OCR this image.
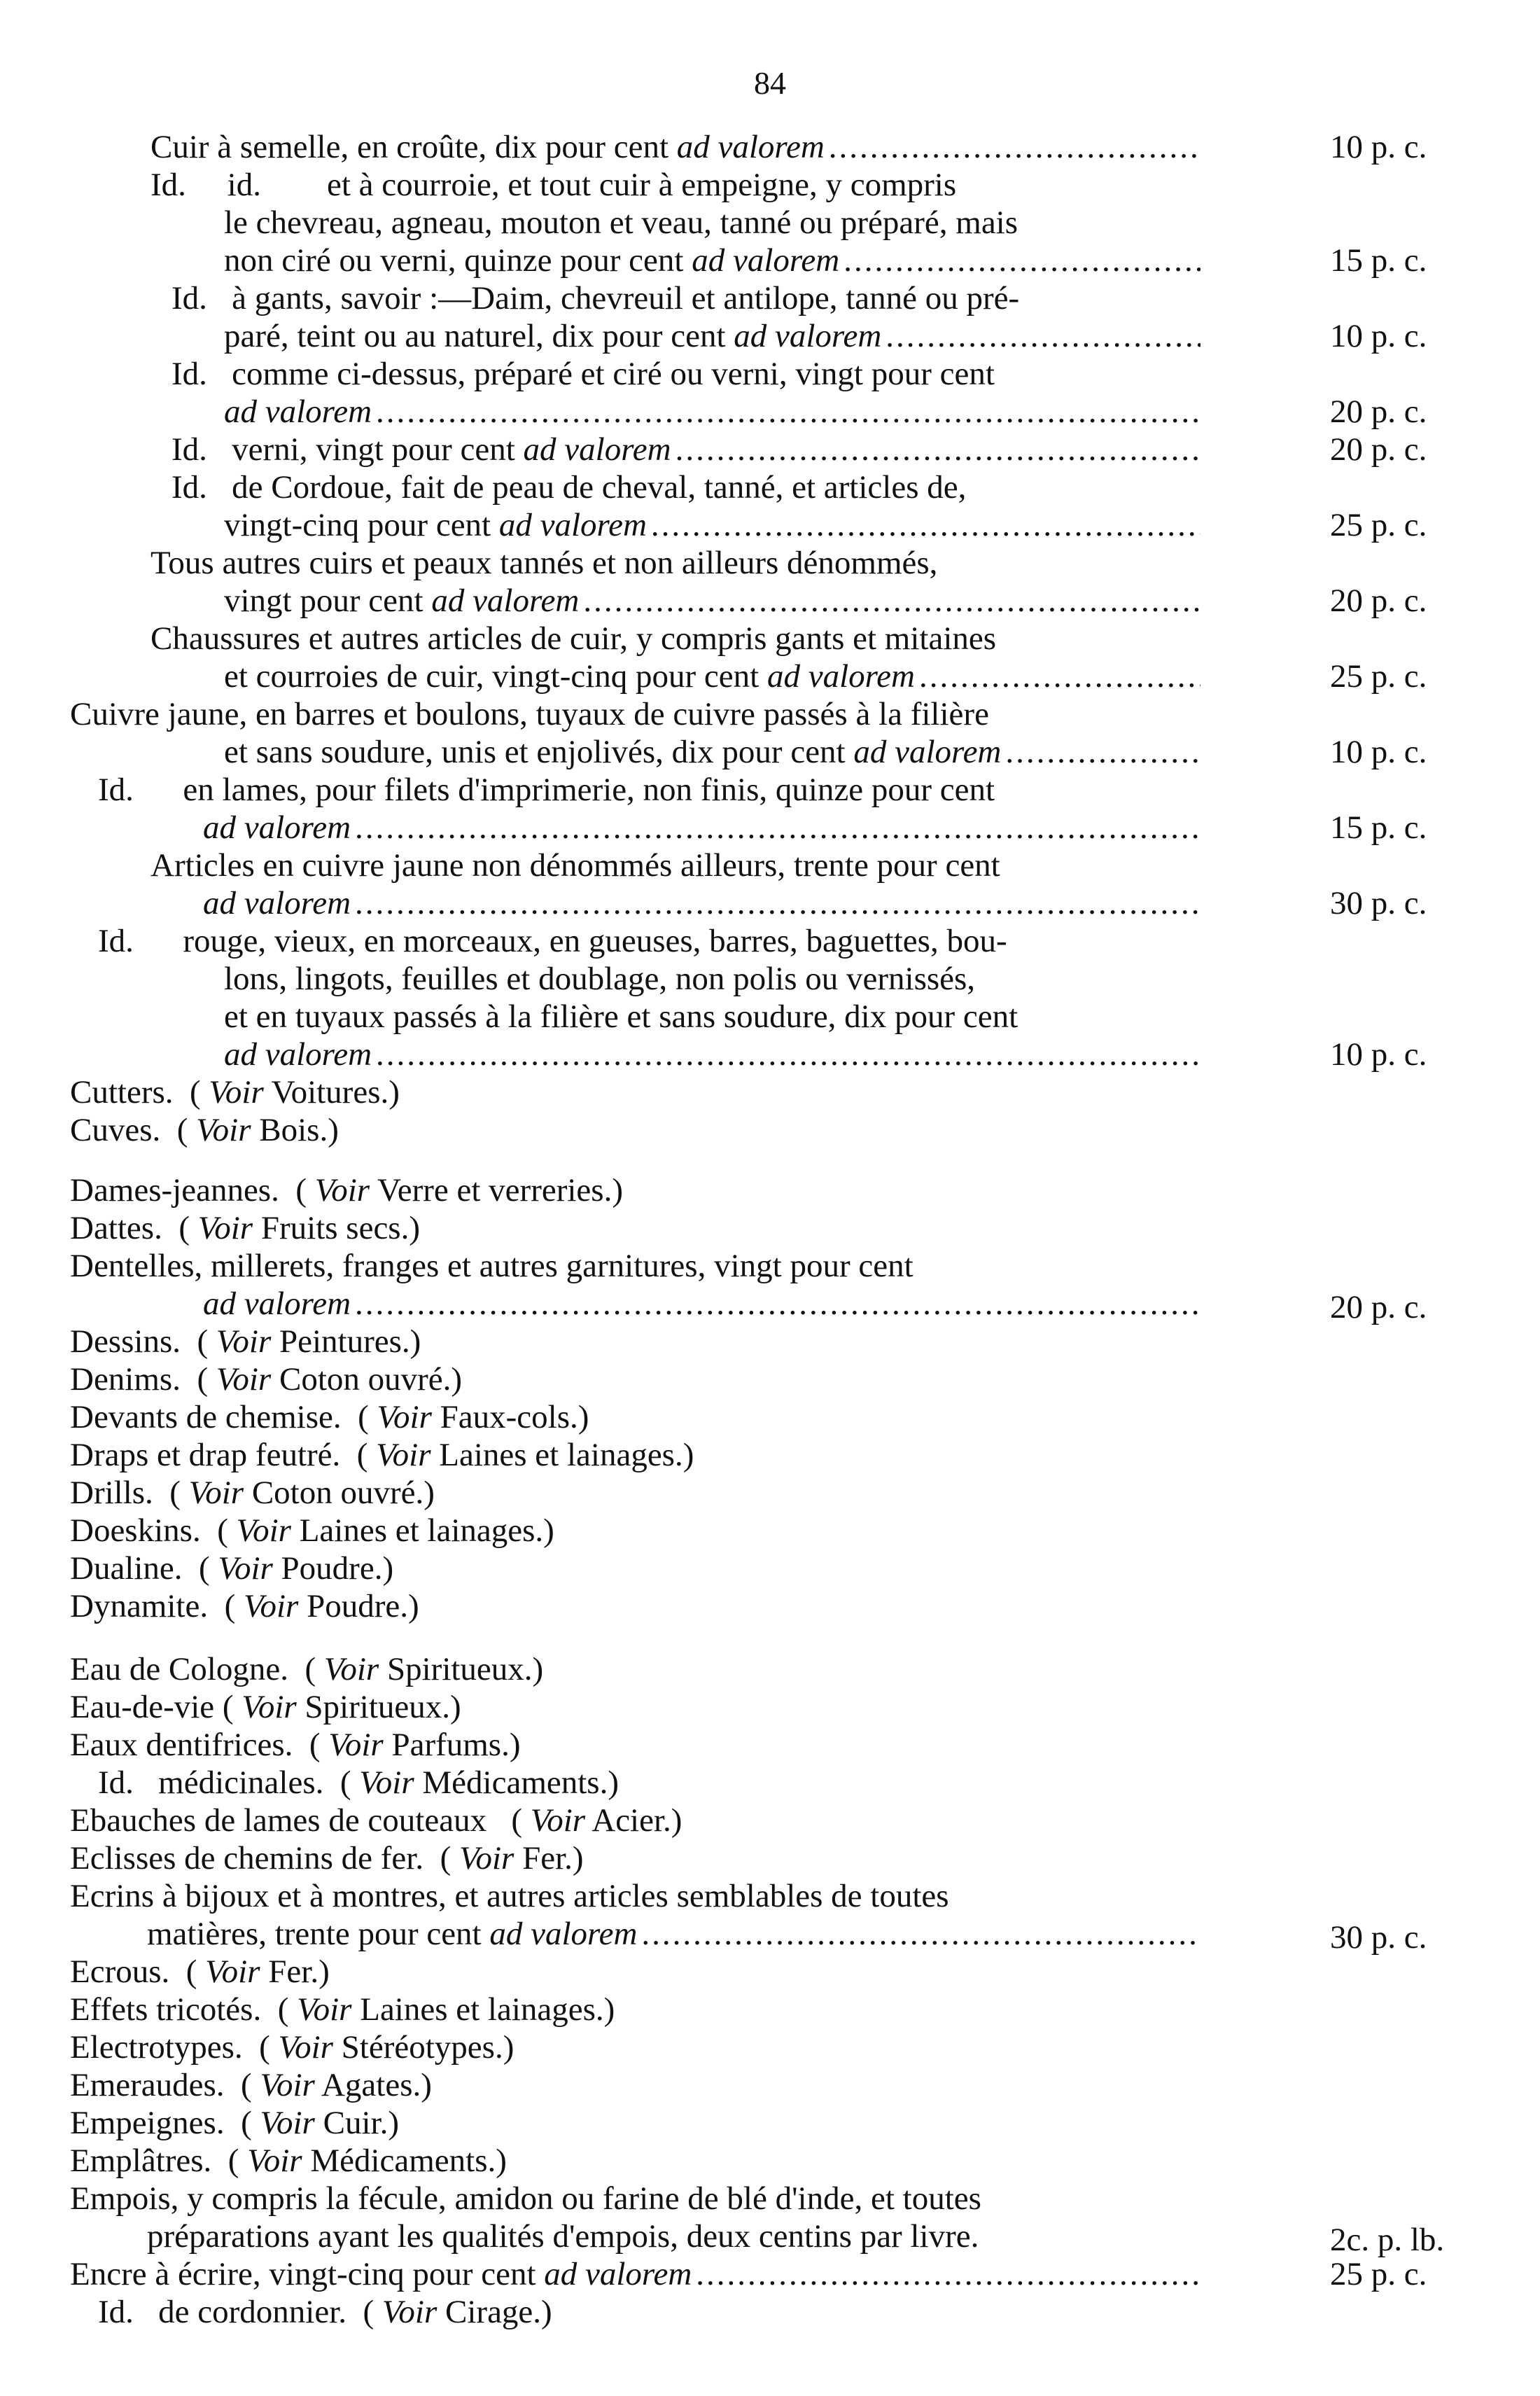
84
Cuir à semelle, en croûte, dix pour cent ad valorem .....	10 p. c.
Id.     id.        et à courroie, et tout cuir à empeigne, y compris
le chevreau, agneau, mouton et veau, tanné ou préparé, mais
non ciré ou verni, quinze pour cent ad valorem .....	15 p. c.
Id.   à gants, savoir :—Daim, chevreuil et antilope, tanné ou pré-
paré, teint ou au naturel, dix pour cent ad valorem .....	10 p. c.
Id.   comme ci-dessus, préparé et ciré ou verni, vingt pour cent
ad valorem .....	20 p. c.
Id.   verni, vingt pour cent ad valorem .....	20 p. c.
Id.   de Cordoue, fait de peau de cheval, tanné, et articles de,
vingt-cinq pour cent ad valorem .....	25 p. c.
Tous autres cuirs et peaux tannés et non ailleurs dénommés,
vingt pour cent ad valorem .....	20 p. c.
Chaussures et autres articles de cuir, y compris gants et mitaines
et courroies de cuir, vingt-cinq pour cent ad valorem .....	25 p. c.
Cuivre jaune, en barres et boulons, tuyaux de cuivre passés à la filière
et sans soudure, unis et enjolivés, dix pour cent ad valorem .....	10 p. c.
Id.      en lames, pour filets d'imprimerie, non finis, quinze pour cent
ad valorem .....	15 p. c.
Articles en cuivre jaune non dénommés ailleurs, trente pour cent
ad valorem .....	30 p. c.
Id.      rouge, vieux, en morceaux, en gueuses, barres, baguettes, bou-
lons, lingots, feuilles et doublage, non polis ou vernissés,
et en tuyaux passés à la filière et sans soudure, dix pour cent
ad valorem .....	10 p. c.
Cutters.  ( Voir Voitures.)
Cuves.  ( Voir Bois.)
Dames-jeannes.  ( Voir Verre et verreries.)
Dattes.  ( Voir Fruits secs.)
Dentelles, millerets, franges et autres garnitures, vingt pour cent
ad valorem .....	20 p. c.
Dessins.  ( Voir Peintures.)
Denims.  ( Voir Coton ouvré.)
Devants de chemise.  ( Voir Faux-cols.)
Draps et drap feutré.  ( Voir Laines et lainages.)
Drills.  ( Voir Coton ouvré.)
Doeskins.  ( Voir Laines et lainages.)
Dualine.  ( Voir Poudre.)
Dynamite.  ( Voir Poudre.)
Eau de Cologne.  ( Voir Spiritueux.)
Eau-de-vie ( Voir Spiritueux.)
Eaux dentifrices.  ( Voir Parfums.)
Id.   médicinales.  ( Voir Médicaments.)
Ebauches de lames de couteaux   ( Voir Acier.)
Eclisses de chemins de fer.  ( Voir Fer.)
Ecrins à bijoux et à montres, et autres articles semblables de toutes
matières, trente pour cent ad valorem .....	30 p. c.
Ecrous.  ( Voir Fer.)
Effets tricotés.  ( Voir Laines et lainages.)
Electrotypes.  ( Voir Stéréotypes.)
Emeraudes.  ( Voir Agates.)
Empeignes.  ( Voir Cuir.)
Emplâtres.  ( Voir Médicaments.)
Empois, y compris la fécule, amidon ou farine de blé d'inde, et toutes
préparations ayant les qualités d'empois, deux centins par livre.	2c. p. lb.
Encre à écrire, vingt-cinq pour cent ad valorem .....	25 p. c.
Id.   de cordonnier.  ( Voir Cirage.)
